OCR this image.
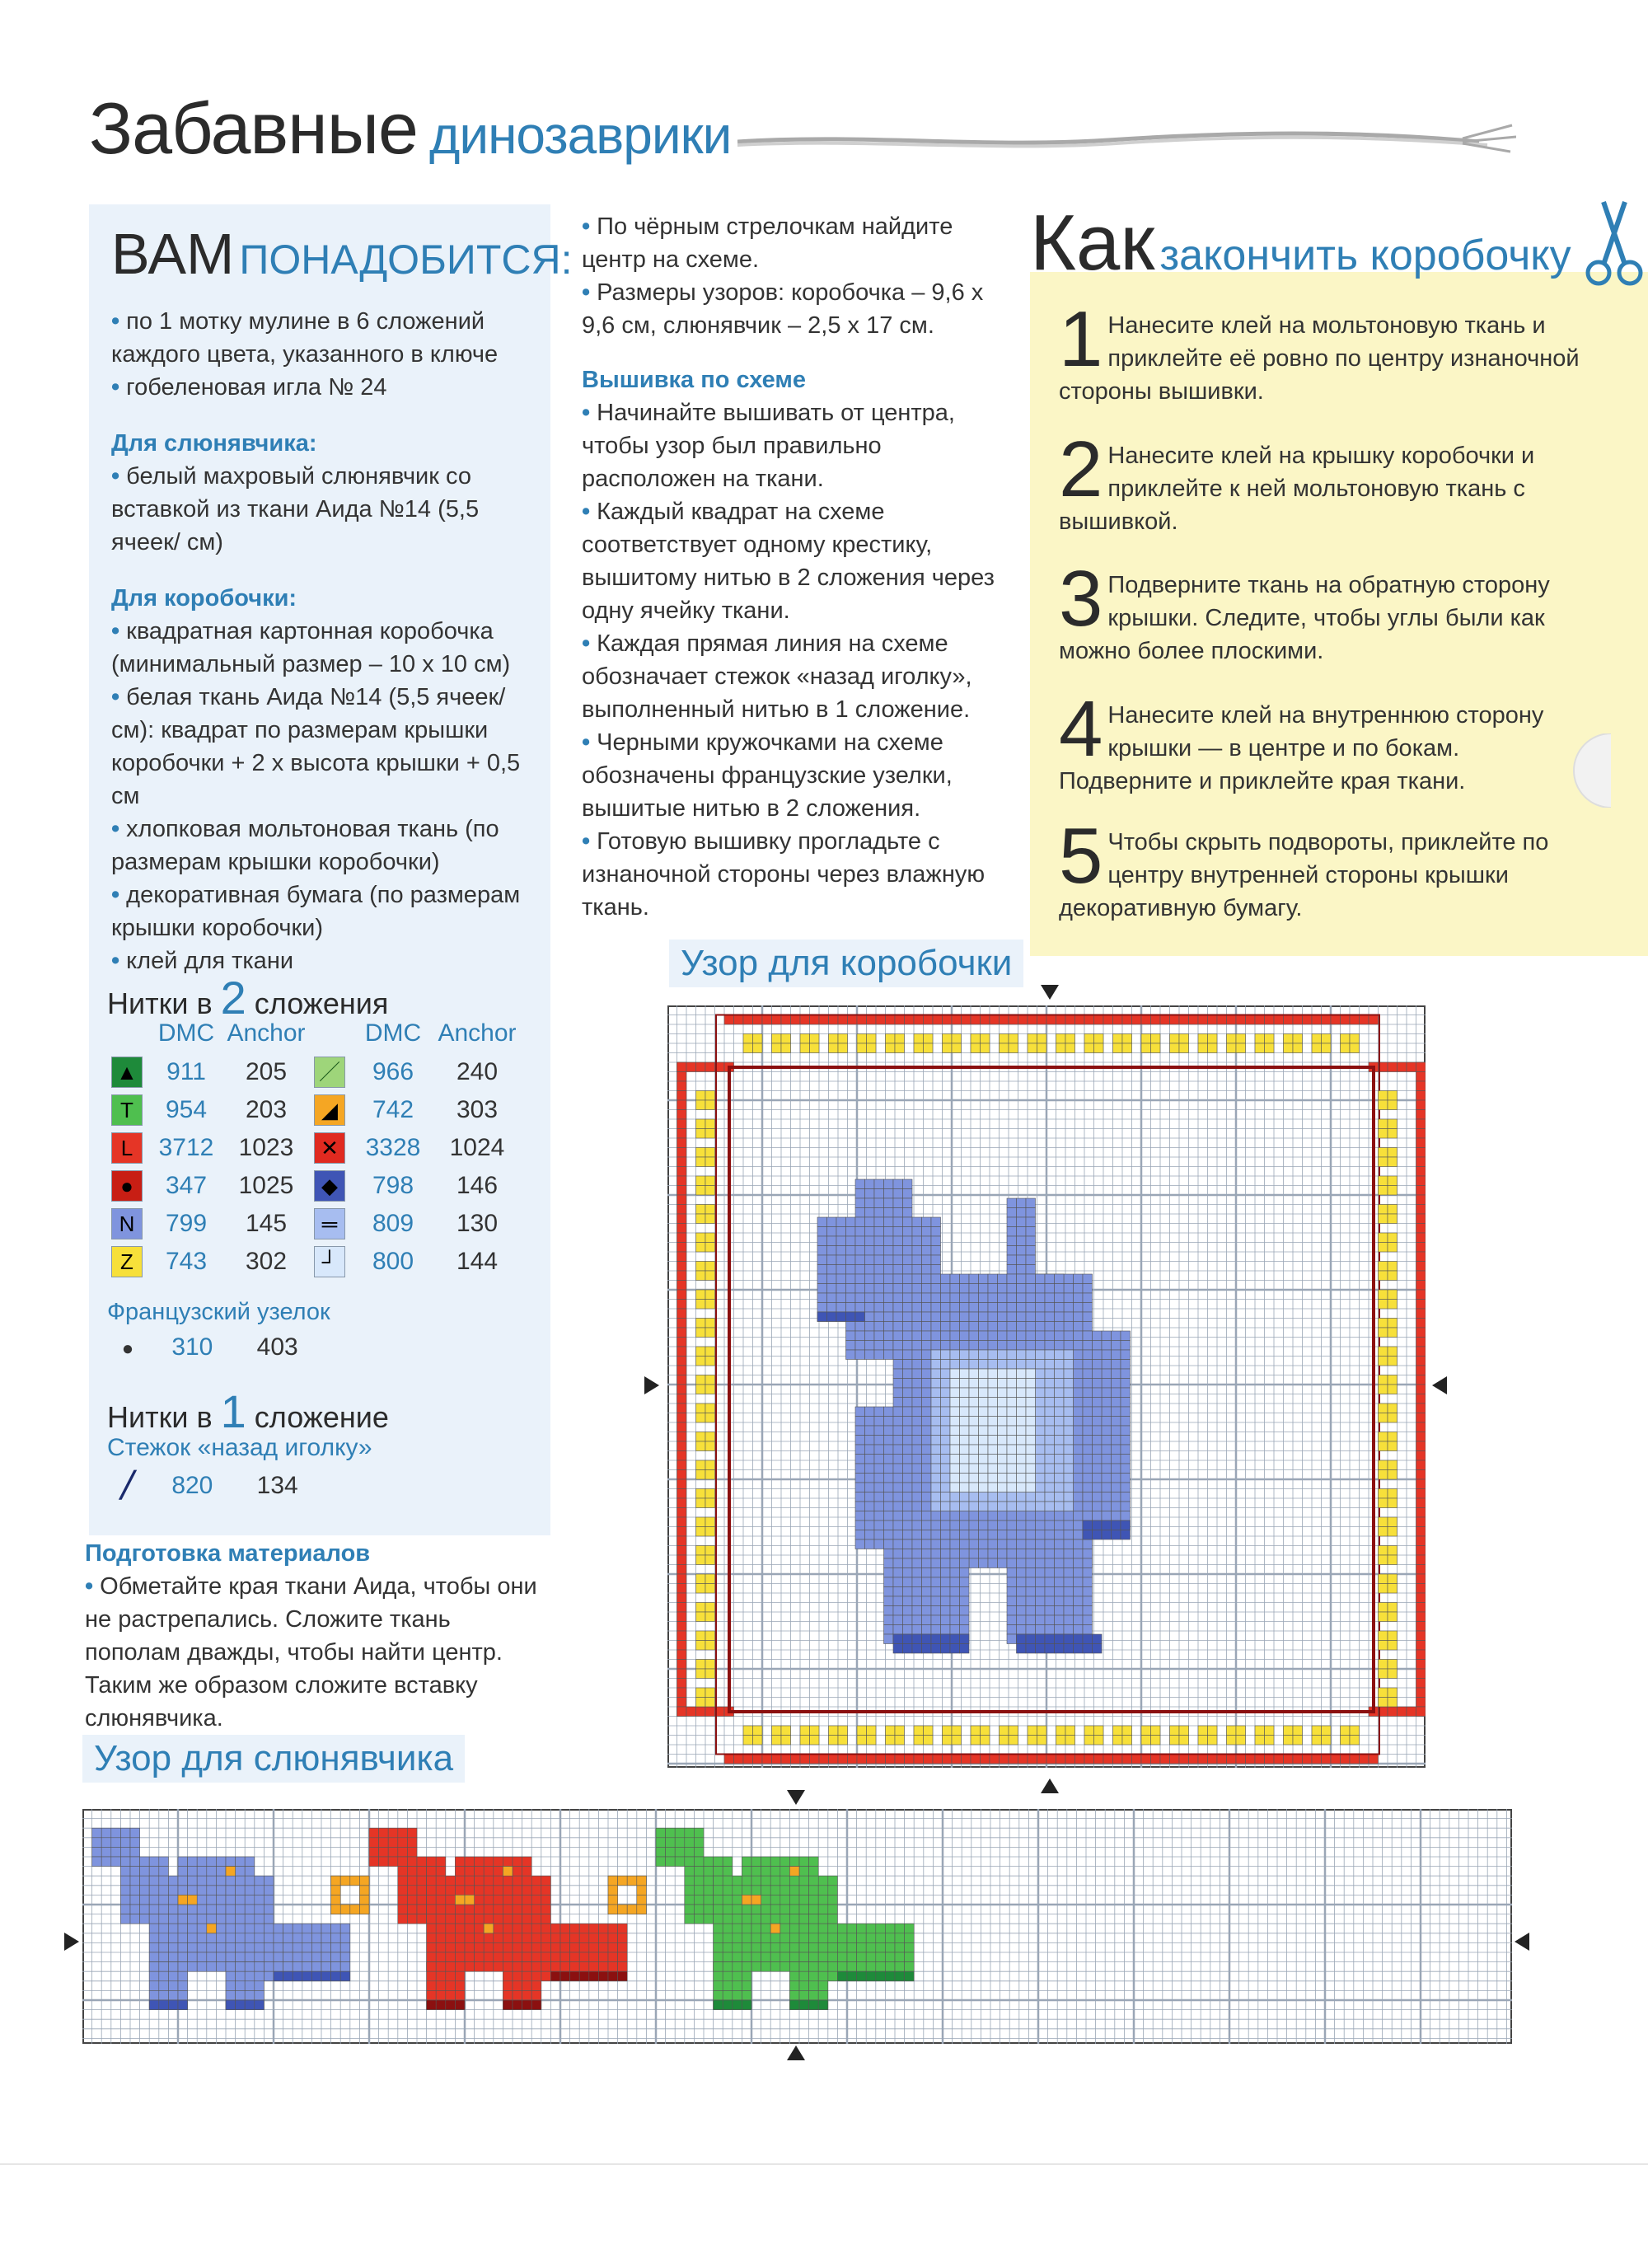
Забавные динозаврики
ВАМ ПОНАДОБИТСЯ:

• по 1 мотку мулине в 6 сложений каждого цвета, указанного в ключе

• гобеленовая игла № 24

Для слюнявчика:

• белый махровый слюнявчик со вставкой из ткани Аида №14 (5,5 ячеек/ см)

Для коробочки:

• квадратная картонная коробочка (минимальный размер – 10 х 10 см)

• белая ткань Аида №14 (5,5 ячеек/см): квадрат по размерам крышки коробочки + 2 х высота крышки + 0,5 см

• хлопковая мольтоновая ткань (по размерам крышки коробочки)

• декоративная бумага (по размерам крышки коробочки)

• клей для ткани

Нитки в 2 сложения
	DMC	Anchor		DMC	Anchor
▲	911	205	／	966	240
T	954	203	◢	742	303
L	3712	1023	✕	3328	1024
●	347	1025	◆	798	146
N	799	145	═	809	130
Z	743	302	┘	800	144
Французский узелок
● 310 403
Нитки в 1 сложение
Стежок «назад иголку»
╱ 820 134

Подготовка материалов

• Обметайте края ткани Аида, чтобы они не растрепались. Сложите ткань пополам дважды, чтобы найти центр. Таким же образом сложите вставку слюнявчика.

• По чёрным стрелочкам найдите центр на схеме.

• Размеры узоров: коробочка – 9,6 х 9,6 см, слюнявчик – 2,5 х 17 см.

Вышивка по схеме

• Начинайте вышивать от центра, чтобы узор был правильно расположен на ткани.

• Каждый квадрат на схеме соответствует одному крестику, вышитому нитью в 2 сложения через одну ячейку ткани.

• Каждая прямая линия на схеме обозначает стежок «назад иголку», выполненный нитью в 1 сложение.

• Черными кружочками на схеме обозначены французские узелки, вышитые нитью в 2 сложения.

• Готовую вышивку прогладьте с изнаночной стороны через влажную ткань.

Как закончить коробочку
1 Нанесите клей на мольтоновую ткань и приклейте её ровно по центру изнаночной стороны вышивки.
2 Нанесите клей на крышку коробочки и приклейте к ней мольтоновую ткань с вышивкой.
3 Подверните ткань на обратную сторону крышки. Следите, чтобы углы были как можно более плоскими.
4 Нанесите клей на внутреннюю сторону крышки — в центре и по бокам. Подверните и приклейте края ткани.
5 Чтобы скрыть подвороты, приклейте по центру внутренней стороны крышки декоративную бумагу.
Узор для коробочки
Узор для слюнявчика
